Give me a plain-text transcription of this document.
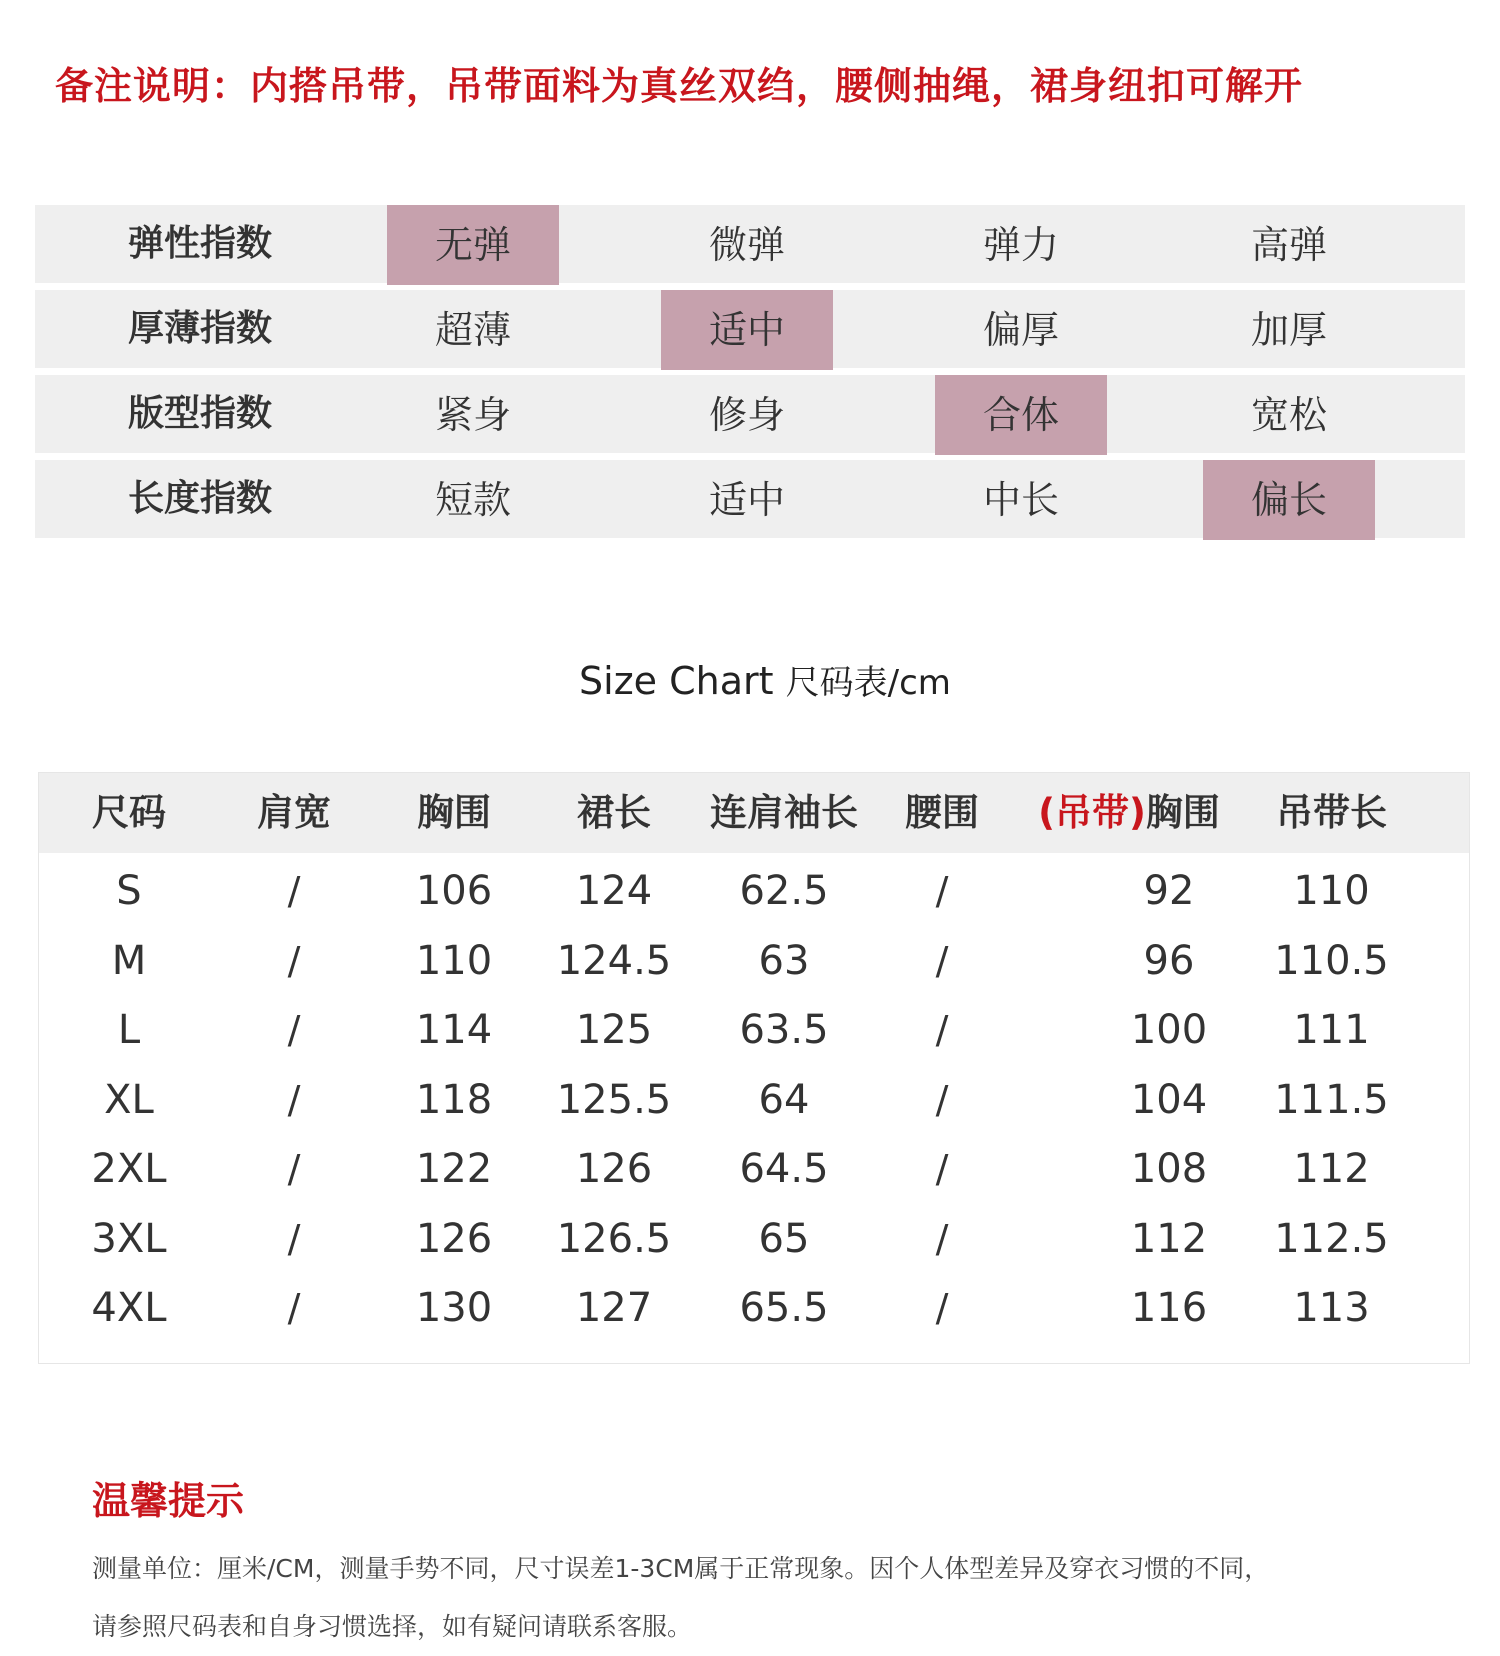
备注说明：内搭吊带，吊带面料为真丝双绉，腰侧抽绳，裙身纽扣可解开
弹性指数	无弹	微弹	弹力	高弹
厚薄指数	超薄	适中	偏厚	加厚
版型指数	紧身	修身	合体	宽松
长度指数	短款	适中	中长	偏长
Size Chart 尺码表/cm
尺码	肩宽	胸围	裙长	连肩袖长	腰围	(吊带)胸围	吊带长
S	/	106	124	62.5	/	92	110
M	/	110	124.5	63	/	96	110.5
L	/	114	125	63.5	/	100	111
XL	/	118	125.5	64	/	104	111.5
2XL	/	122	126	64.5	/	108	112
3XL	/	126	126.5	65	/	112	112.5
4XL	/	130	127	65.5	/	116	113
温馨提示
测量单位：厘米/CM，测量手势不同，尺寸误差1-3CM属于正常现象。因个人体型差异及穿衣习惯的不同，
请参照尺码表和自身习惯选择，如有疑问请联系客服。
